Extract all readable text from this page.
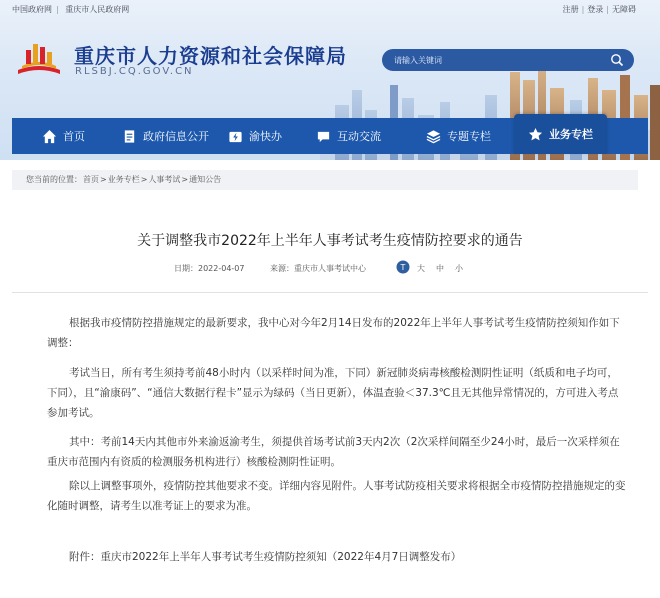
中国政府网 | 重庆市人民政府网	注册 | 登录 | 无障碍
重庆市人力资源和社会保障局
RLSBJ.CQ.GOV.CN
请输入关键词
首页	政府信息公开	渝快办	互动交流	专题专栏	业务专栏
您当前的位置：首页>业务专栏>人事考试>通知公告
关于调整我市2022年上半年人事考试考生疫情防控要求的通告
日期：2022-04-07	来源：重庆市人事考试中心	T 大 中 小

根据我市疫情防控措施规定的最新要求，我中心对今年2月14日发布的2022年上半年人事考试考生疫情防控须知作如下调整：

考试当日，所有考生须持考前48小时内（以采样时间为准，下同）新冠肺炎病毒核酸检测阴性证明（纸质和电子均可，下同），且“渝康码”、“通信大数据行程卡”显示为绿码（当日更新），体温查验＜37.3℃且无其他异常情况的，方可进入考点参加考试。

其中：考前14天内其他市外来渝返渝考生，须提供首场考试前3天内2次（2次采样间隔至少24小时，最后一次采样须在重庆市范围内有资质的检测服务机构进行）核酸检测阴性证明。

除以上调整事项外，疫情防控其他要求不变。详细内容见附件。人事考试防疫相关要求将根据全市疫情防控措施规定的变化随时调整，请考生以准考证上的要求为准。

附件：重庆市2022年上半年人事考试考生疫情防控须知（2022年4月7日调整发布）
